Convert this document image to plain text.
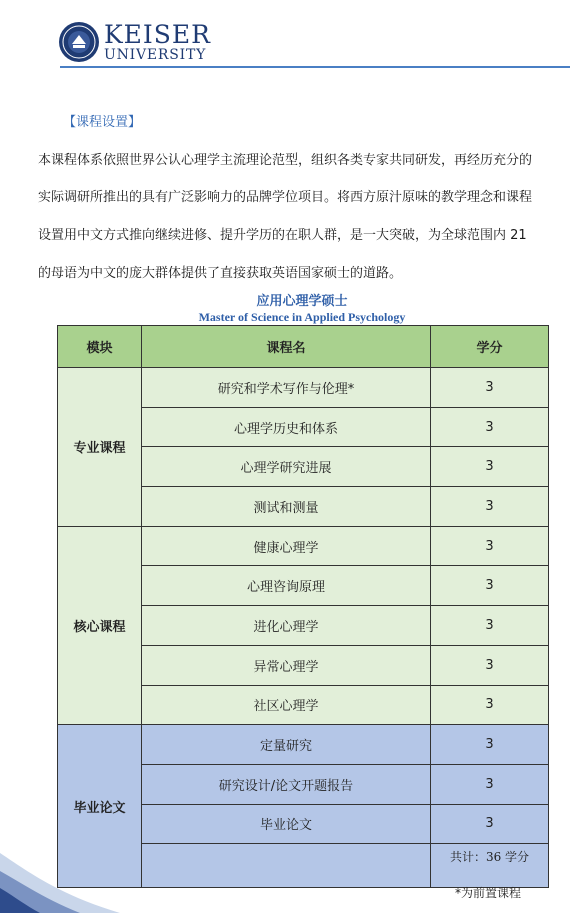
KEISER
UNIVERSITY
【课程设置】
本课程体系依照世界公认心理学主流理论范型，组织各类专家共同研发，再经历充分的
实际调研所推出的具有广泛影响力的品牌学位项目。将西方原汁原味的教学理念和课程
设置用中文方式推向继续进修、提升学历的在职人群，是一大突破，为全球范围内 21
的母语为中文的庞大群体提供了直接获取英语国家硕士的道路。
应用心理学硕士
Master of Science in Applied Psychology
模块	课程名	学分
专业课程	研究和学术写作与伦理*	3
	心理学历史和体系	3
	心理学研究进展	3
	测试和测量	3
核心课程	健康心理学	3
	心理咨询原理	3
	进化心理学	3
	异常心理学	3
	社区心理学	3
毕业论文	定量研究	3
	研究设计/论文开题报告	3
	毕业论文	3
		共计：36 学分
*为前置课程
